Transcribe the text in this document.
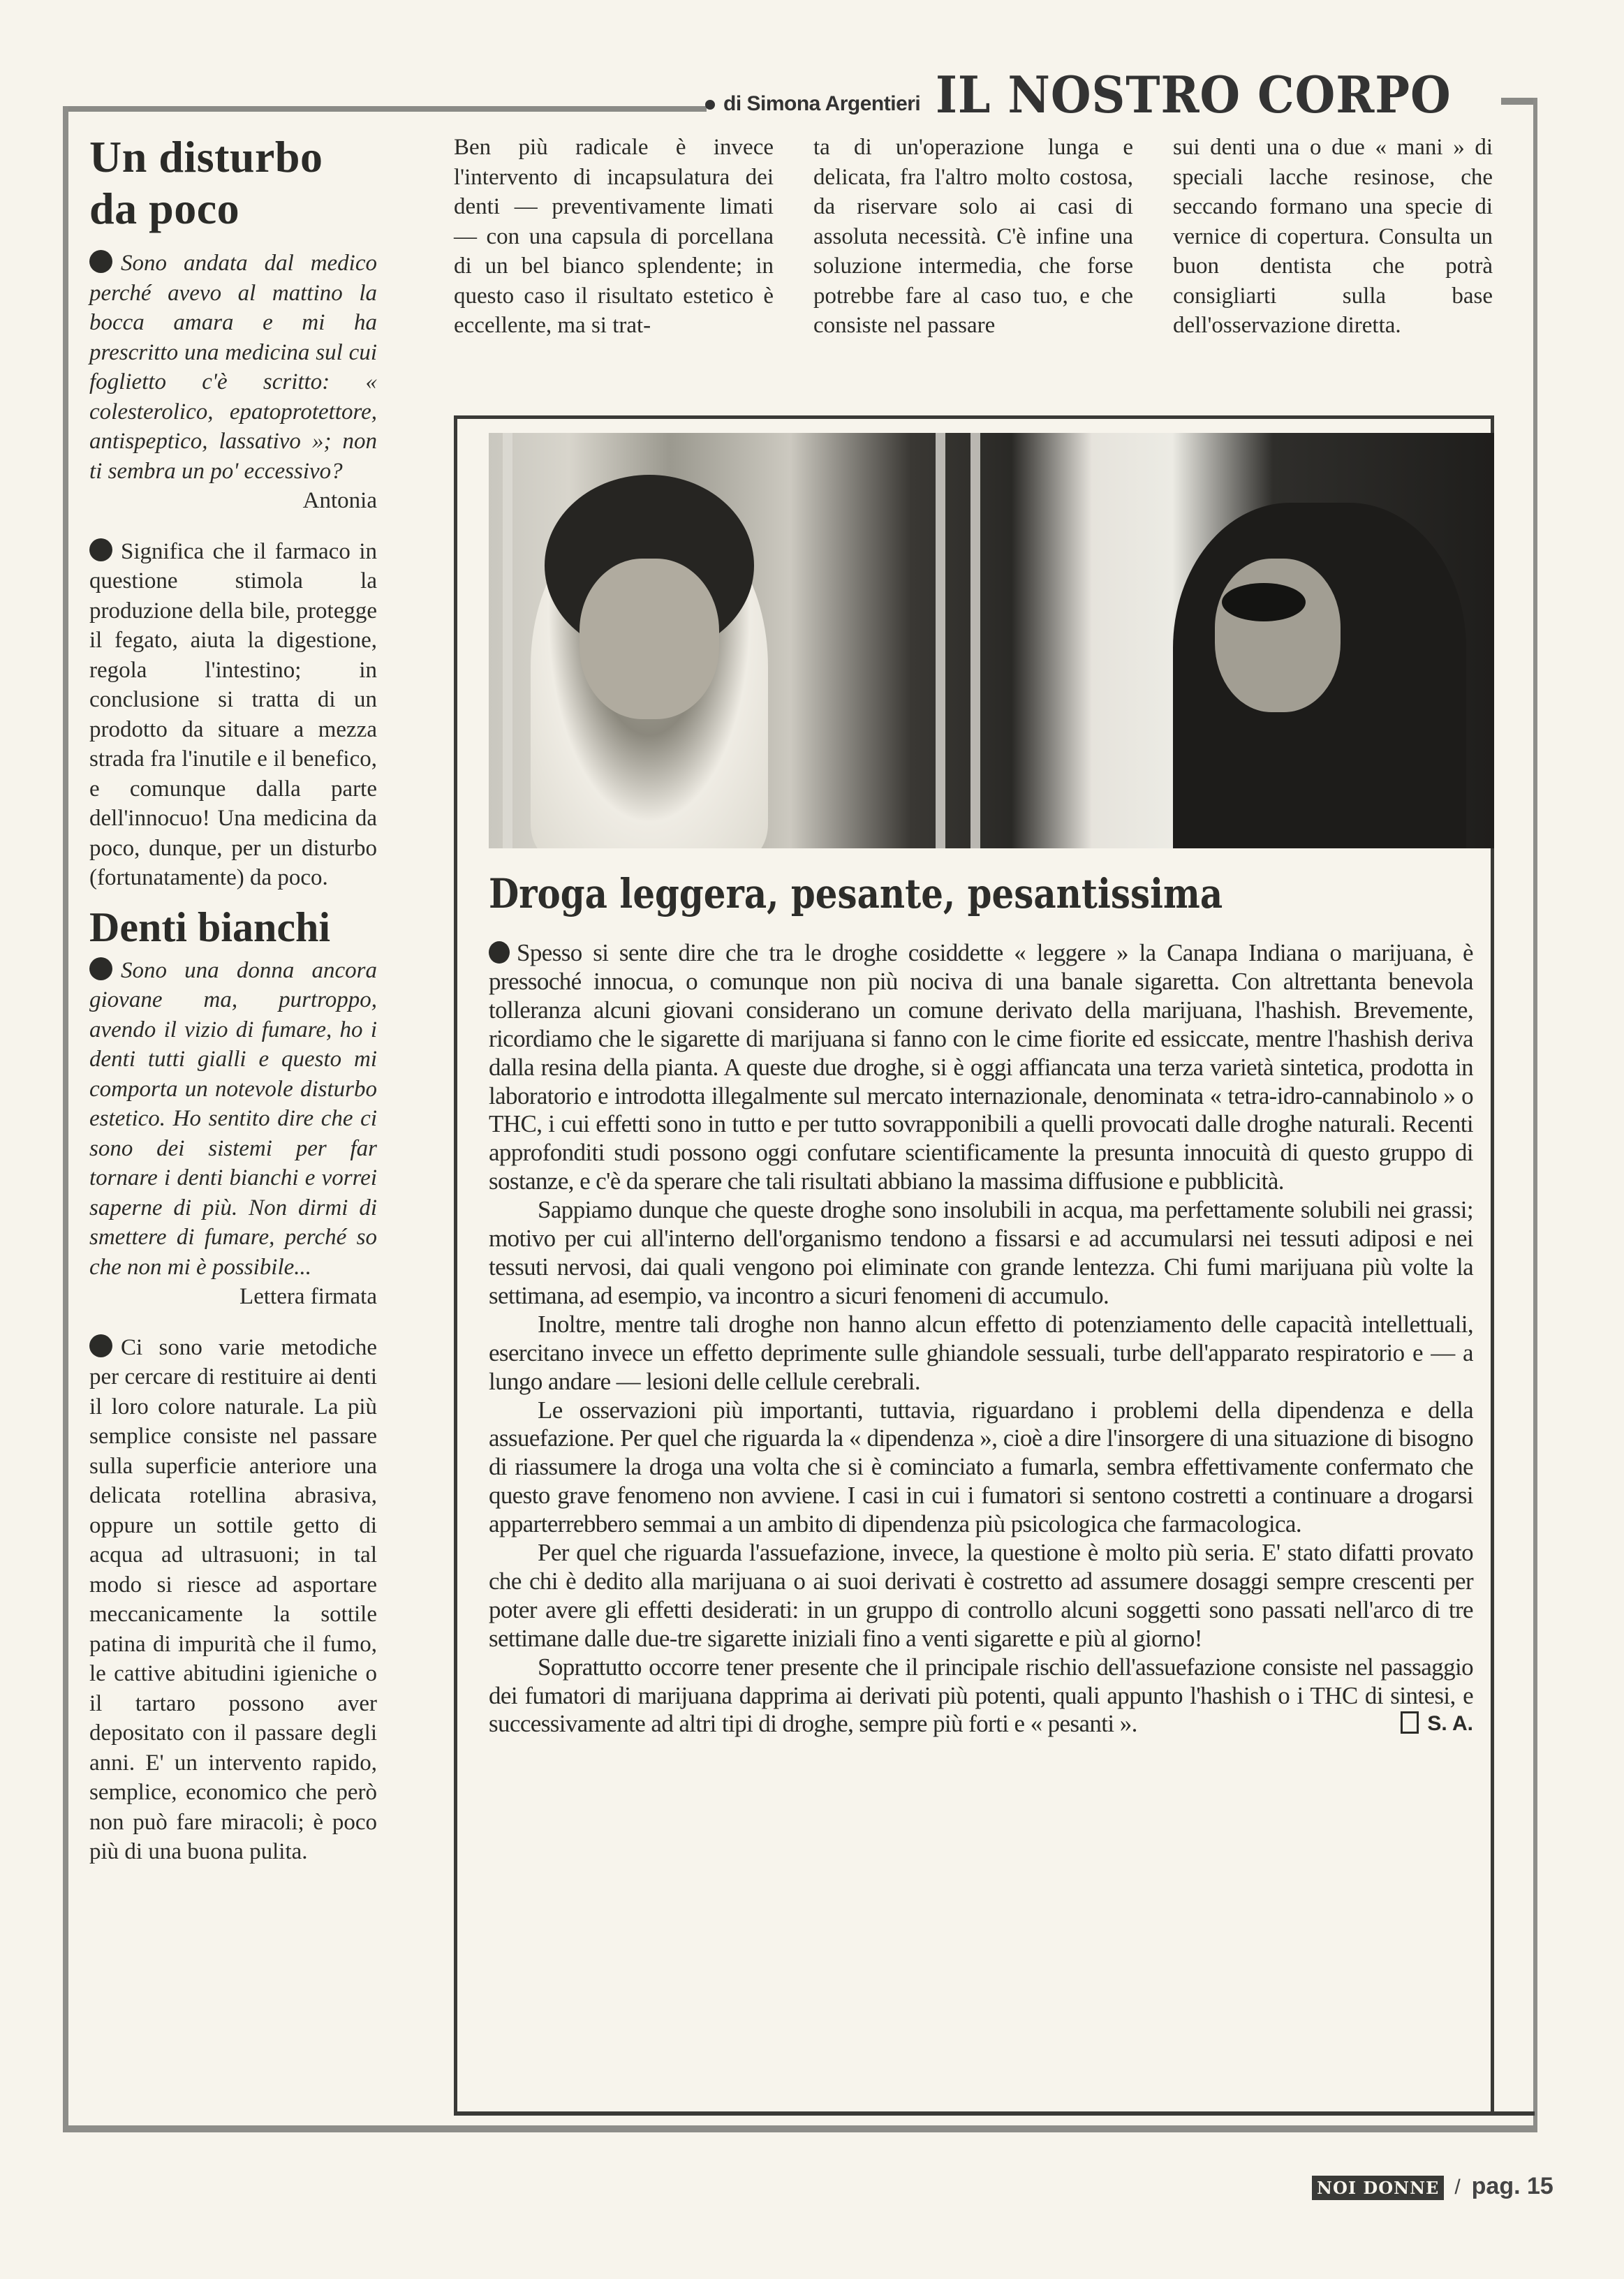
di Simona Argentieri IL NOSTRO CORPO
Un disturbo
da poco

Sono andata dal medico perché avevo al mattino la bocca amara e mi ha prescritto una medicina sul cui foglietto c'è scritto: « colesterolico, epatoprotettore, antispeptico, lassativo »; non ti sembra un po' eccessivo?

Antonia

Significa che il farmaco in questione stimola la produzione della bile, protegge il fegato, aiuta la digestione, regola l'intestino; in conclusione si tratta di un prodotto da situare a mezza strada fra l'inutile e il benefico, e comunque dalla parte dell'innocuo! Una medicina da poco, dunque, per un disturbo (fortunatamente) da poco.

Denti bianchi

Sono una donna ancora giovane ma, purtroppo, avendo il vizio di fumare, ho i denti tutti gialli e questo mi comporta un notevole disturbo estetico. Ho sentito dire che ci sono dei sistemi per far tornare i denti bianchi e vorrei saperne di più. Non dirmi di smettere di fumare, perché so che non mi è possibile...

Lettera firmata

Ci sono varie metodiche per cercare di restituire ai denti il loro colore naturale. La più semplice consiste nel passare sulla superficie anteriore una delicata rotellina abrasiva, oppure un sottile getto di acqua ad ultrasuoni; in tal modo si riesce ad asportare meccanicamente la sottile patina di impurità che il fumo, le cattive abitudini igieniche o il tartaro possono aver depositato con il passare degli anni. E' un intervento rapido, semplice, economico che però non può fare miracoli; è poco più di una buona pulita.

Ben più radicale è invece l'intervento di incapsulatura dei denti — preventivamente limati — con una capsula di porcellana di un bel bianco splendente; in questo caso il risultato estetico è eccellente, ma si trat-

ta di un'operazione lunga e delicata, fra l'altro molto costosa, da riservare solo ai casi di assoluta necessità. C'è infine una soluzione intermedia, che forse potrebbe fare al caso tuo, e che consiste nel passare

sui denti una o due « mani » di speciali lacche resinose, che seccando formano una specie di vernice di copertura. Consulta un buon dentista che potrà consigliarti sulla base dell'osservazione diretta.

Droga leggera, pesante, pesantissima

Spesso si sente dire che tra le droghe cosiddette « leggere » la Canapa Indiana o marijuana, è pressoché innocua, o comunque non più nociva di una banale sigaretta. Con altrettanta benevola tolleranza alcuni giovani considerano un comune derivato della marijuana, l'hashish. Brevemente, ricordiamo che le sigarette di marijuana si fanno con le cime fiorite ed essiccate, mentre l'hashish deriva dalla resina della pianta. A queste due droghe, si è oggi affiancata una terza varietà sintetica, prodotta in laboratorio e introdotta illegalmente sul mercato internazionale, denominata « tetra-idro-cannabinolo » o THC, i cui effetti sono in tutto e per tutto sovrapponibili a quelli provocati dalle droghe naturali. Recenti approfonditi studi possono oggi confutare scientificamente la presunta innocuità di questo gruppo di sostanze, e c'è da sperare che tali risultati abbiano la massima diffusione e pubblicità.

Sappiamo dunque che queste droghe sono insolubili in acqua, ma perfettamente solubili nei grassi; motivo per cui all'interno dell'organismo tendono a fissarsi e ad accumularsi nei tessuti adiposi e nei tessuti nervosi, dai quali vengono poi eliminate con grande lentezza. Chi fumi marijuana più volte la settimana, ad esempio, va incontro a sicuri fenomeni di accumulo.

Inoltre, mentre tali droghe non hanno alcun effetto di potenziamento delle capacità intellettuali, esercitano invece un effetto deprimente sulle ghiandole sessuali, turbe dell'apparato respiratorio e — a lungo andare — lesioni delle cellule cerebrali.

Le osservazioni più importanti, tuttavia, riguardano i problemi della dipendenza e della assuefazione. Per quel che riguarda la « dipendenza », cioè a dire l'insorgere di una situazione di bisogno di riassumere la droga una volta che si è cominciato a fumarla, sembra effettivamente confermato che questo grave fenomeno non avviene. I casi in cui i fumatori si sentono costretti a continuare a drogarsi apparterrebbero semmai a un ambito di dipendenza più psicologica che farmacologica.

Per quel che riguarda l'assuefazione, invece, la questione è molto più seria. E' stato difatti provato che chi è dedito alla marijuana o ai suoi derivati è costretto ad assumere dosaggi sempre crescenti per poter avere gli effetti desiderati: in un gruppo di controllo alcuni soggetti sono passati nell'arco di tre settimane dalle due-tre sigarette iniziali fino a venti sigarette e più al giorno!

Soprattutto occorre tener presente che il principale rischio dell'assuefazione consiste nel passaggio dei fumatori di marijuana dapprima ai derivati più potenti, quali appunto l'hashish o i THC di sintesi, e successivamente ad altri tipi di droghe, sempre più forti e « pesanti ».	S. A.

NOI DONNE / pag. 15
